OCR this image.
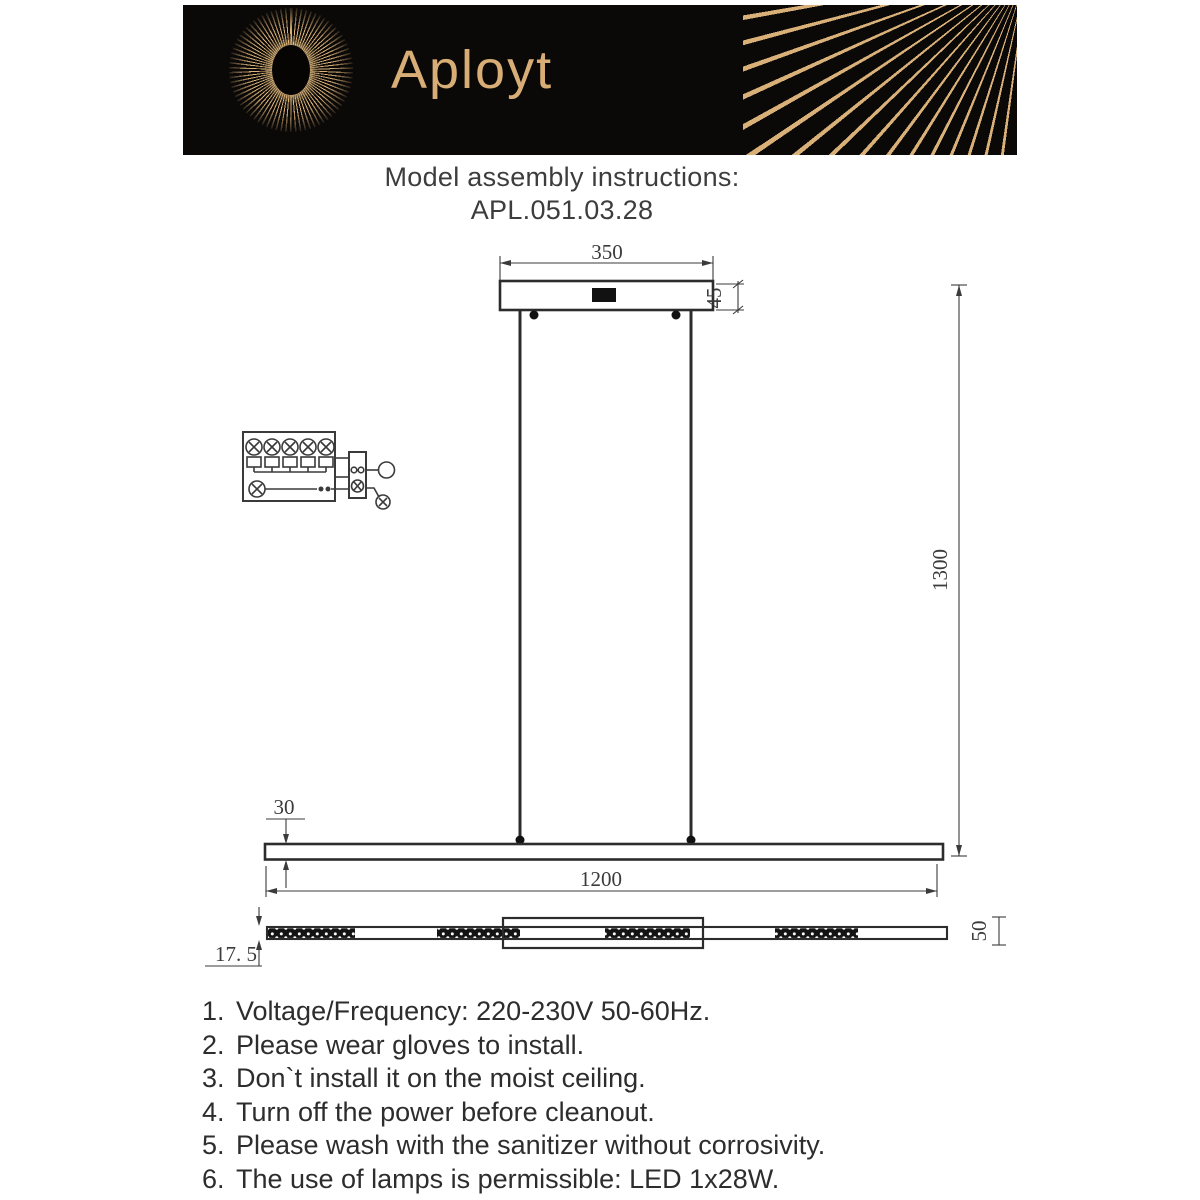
Aployt
Model assembly instructions:
APL.051.03.28
350
45
1300
30
1200
17. 5
50
1. Voltage/Frequency: 220-230V 50-60Hz.
2. Please wear gloves to install.
3. Don`t install it on the moist ceiling.
4. Turn off the power before cleanout.
5. Please wash with the sanitizer without corrosivity.
6. The use of lamps is permissible: LED 1x28W.
